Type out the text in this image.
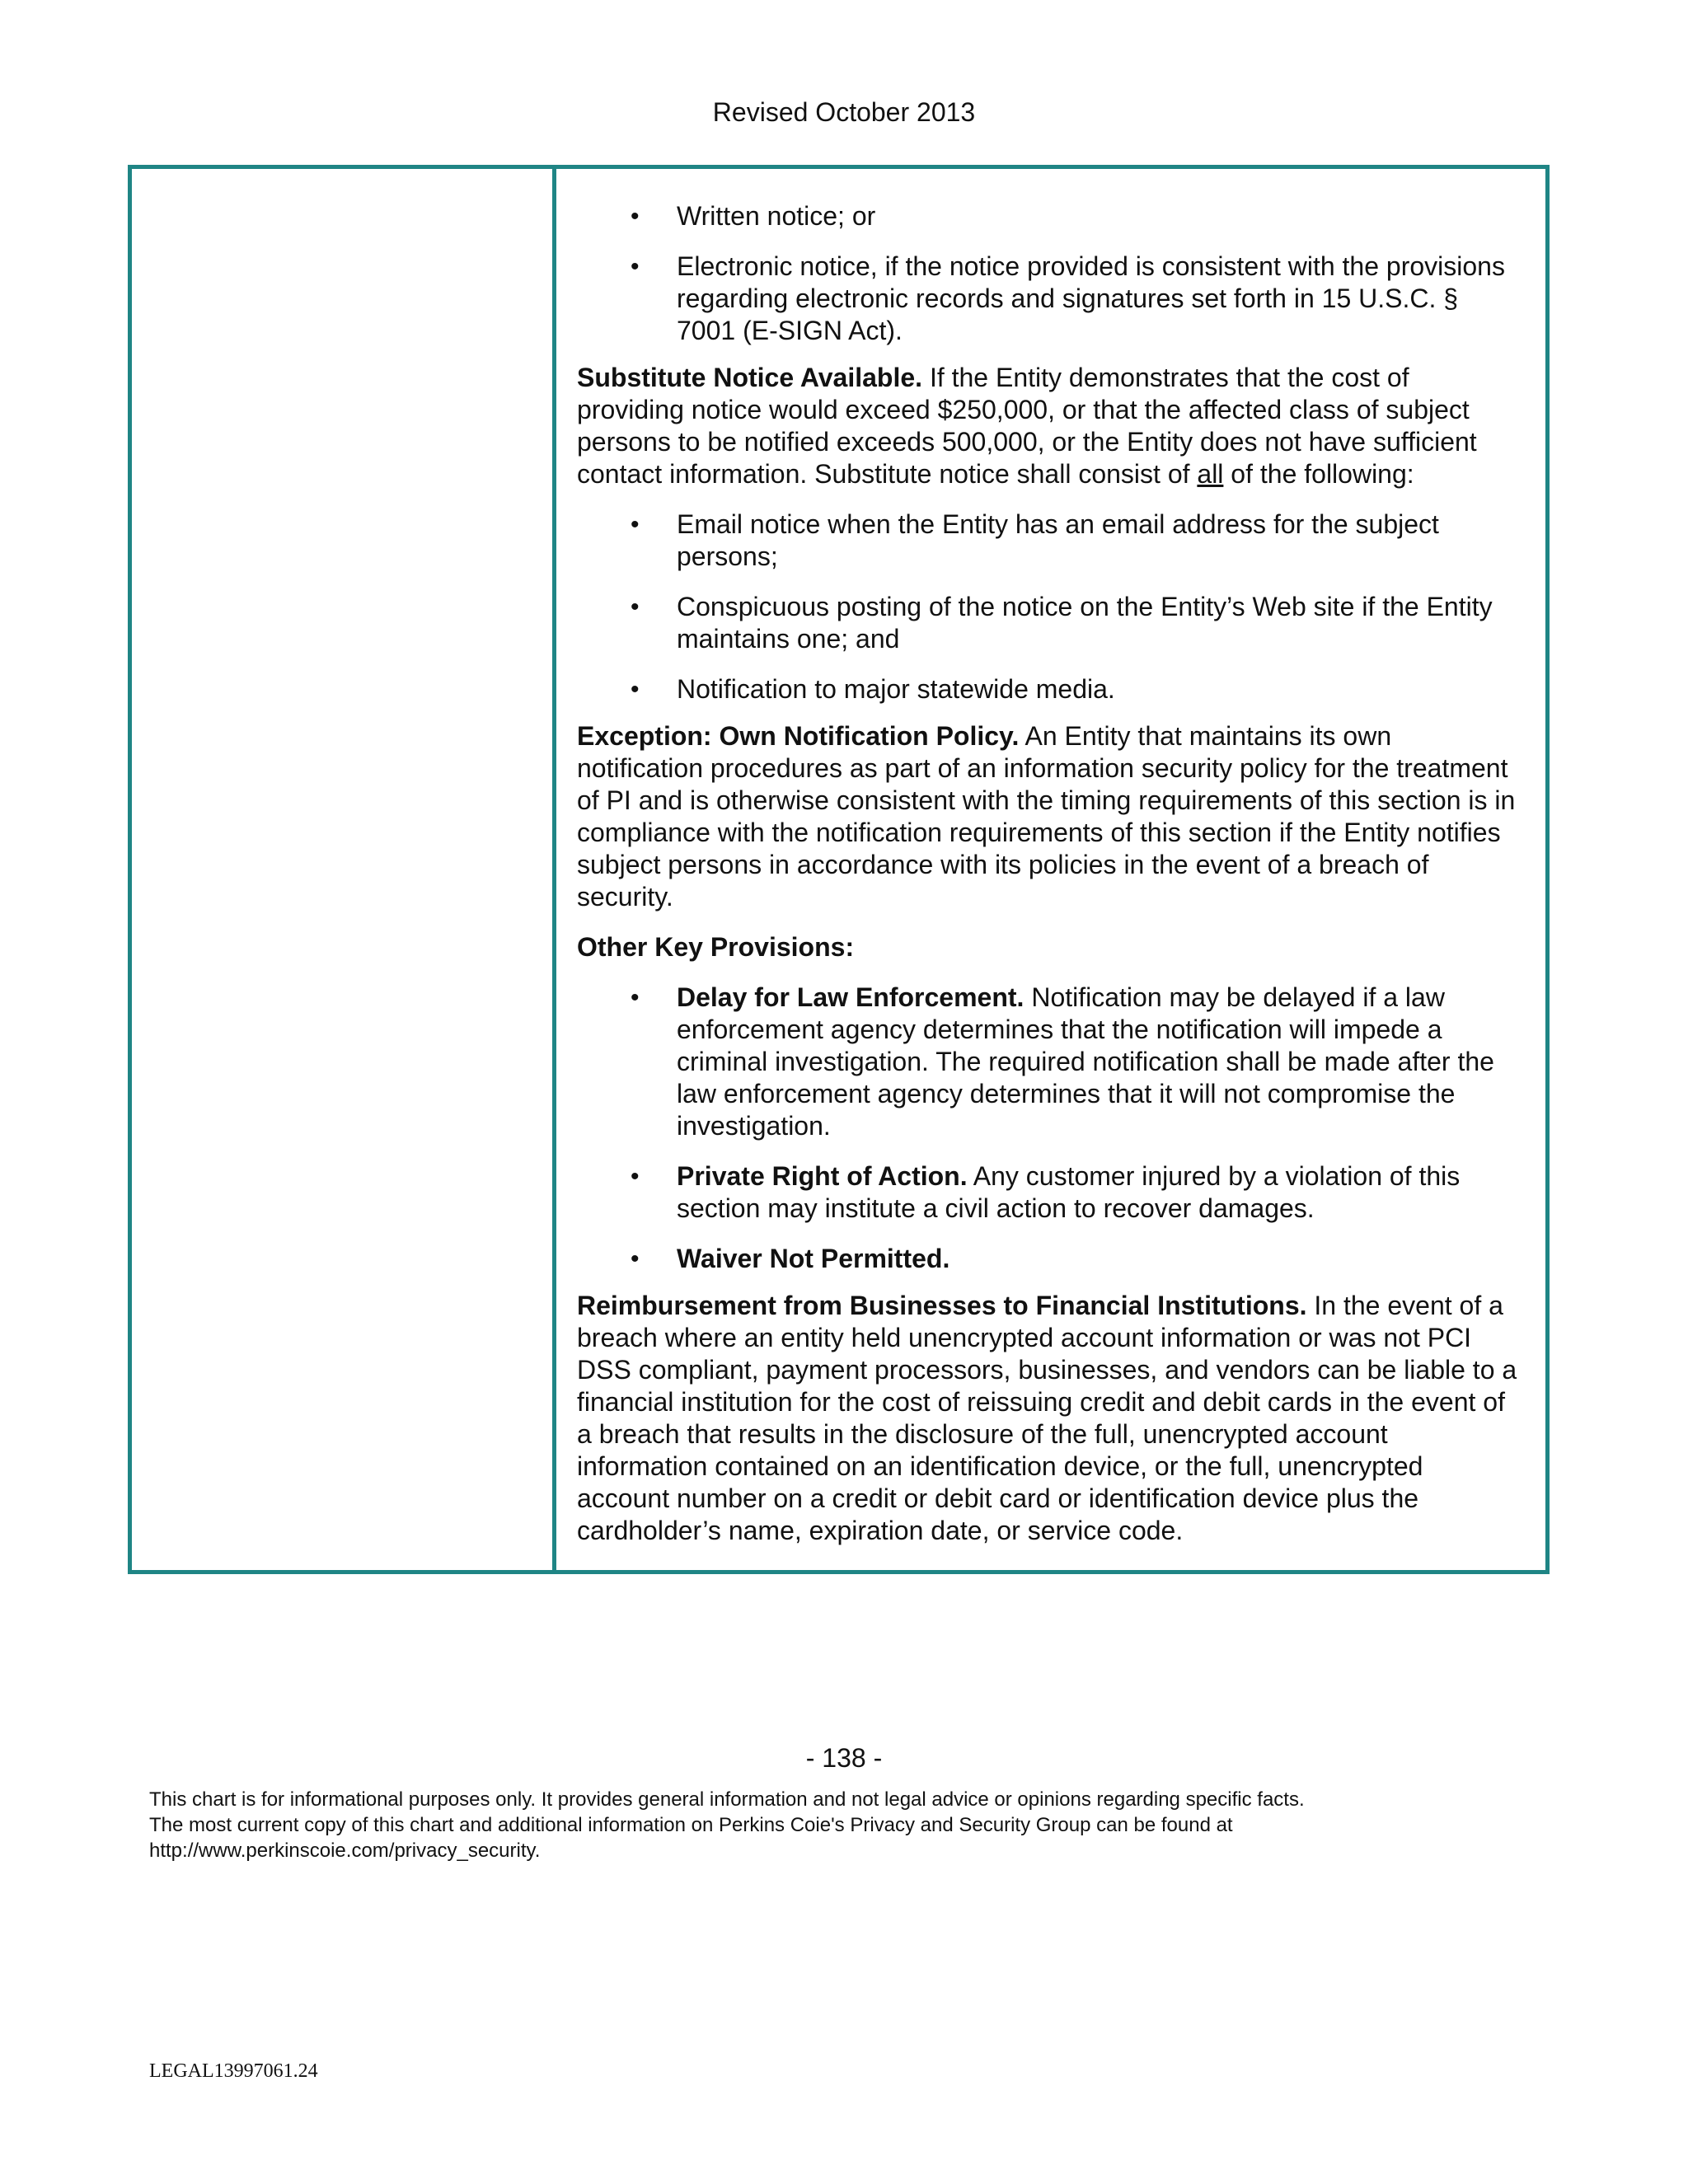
Revised October 2013
• Written notice; or
• Electronic notice, if the notice provided is consistent with the provisions regarding electronic records and signatures set forth in 15 U.S.C. § 7001 (E-SIGN Act).

Substitute Notice Available. If the Entity demonstrates that the cost of providing notice would exceed $250,000, or that the affected class of subject persons to be notified exceeds 500,000, or the Entity does not have sufficient contact information. Substitute notice shall consist of all of the following:

• Email notice when the Entity has an email address for the subject persons;
• Conspicuous posting of the notice on the Entity’s Web site if the Entity maintains one; and
• Notification to major statewide media.

Exception: Own Notification Policy. An Entity that maintains its own notification procedures as part of an information security policy for the treatment of PI and is otherwise consistent with the timing requirements of this section is in compliance with the notification requirements of this section if the Entity notifies subject persons in accordance with its policies in the event of a breach of security.

Other Key Provisions:

• Delay for Law Enforcement. Notification may be delayed if a law enforcement agency determines that the notification will impede a criminal investigation. The required notification shall be made after the law enforcement agency determines that it will not compromise the investigation.
• Private Right of Action. Any customer injured by a violation of this section may institute a civil action to recover damages.
• Waiver Not Permitted.

Reimbursement from Businesses to Financial Institutions. In the event of a breach where an entity held unencrypted account information or was not PCI DSS compliant, payment processors, businesses, and vendors can be liable to a financial institution for the cost of reissuing credit and debit cards in the event of a breach that results in the disclosure of the full, unencrypted account information contained on an identification device, or the full, unencrypted account number on a credit or debit card or identification device plus the cardholder’s name, expiration date, or service code.

- 138 -

This chart is for informational purposes only. It provides general information and not legal advice or opinions regarding specific facts.

The most current copy of this chart and additional information on Perkins Coie's Privacy and Security Group can be found at

http://www.perkinscoie.com/privacy_security.

LEGAL13997061.24
